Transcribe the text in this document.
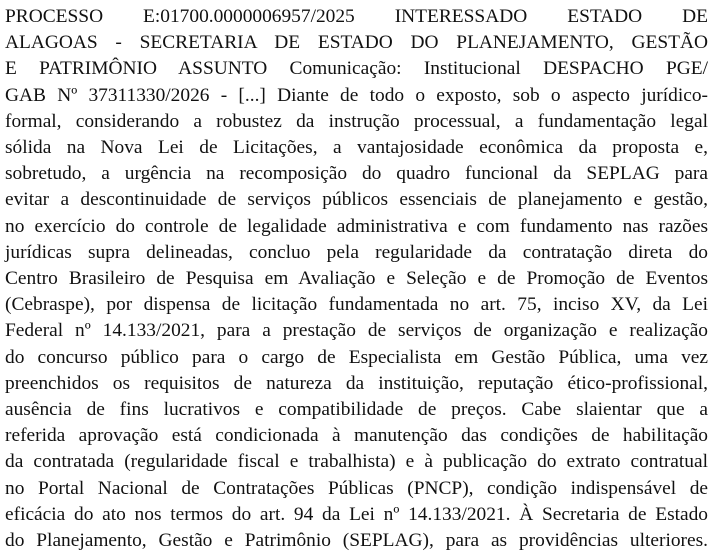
PROCESSO E:01700.0000006957/2025 INTERESSADO ESTADO DE
ALAGOAS - SECRETARIA DE ESTADO DO PLANEJAMENTO, GESTÃO
E PATRIMÔNIO ASSUNTO Comunicação: Institucional DESPACHO PGE/
GAB Nº 37311330/2026 - [...] Diante de todo o exposto, sob o aspecto jurídico-
formal, considerando a robustez da instrução processual, a fundamentação legal
sólida na Nova Lei de Licitações, a vantajosidade econômica da proposta e,
sobretudo, a urgência na recomposição do quadro funcional da SEPLAG para
evitar a descontinuidade de serviços públicos essenciais de planejamento e gestão,
no exercício do controle de legalidade administrativa e com fundamento nas razões
jurídicas supra delineadas, concluo pela regularidade da contratação direta do
Centro Brasileiro de Pesquisa em Avaliação e Seleção e de Promoção de Eventos
(Cebraspe), por dispensa de licitação fundamentada no art. 75, inciso XV, da Lei
Federal nº 14.133/2021, para a prestação de serviços de organização e realização
do concurso público para o cargo de Especialista em Gestão Pública, uma vez
preenchidos os requisitos de natureza da instituição, reputação ético-profissional,
ausência de fins lucrativos e compatibilidade de preços. Cabe slaientar que a
referida aprovação está condicionada à manutenção das condições de habilitação
da contratada (regularidade fiscal e trabalhista) e à publicação do extrato contratual
no Portal Nacional de Contratações Públicas (PNCP), condição indispensável de
eficácia do ato nos termos do art. 94 da Lei nº 14.133/2021. À Secretaria de Estado
do Planejamento, Gestão e Patrimônio (SEPLAG), para as providências ulteriores.
